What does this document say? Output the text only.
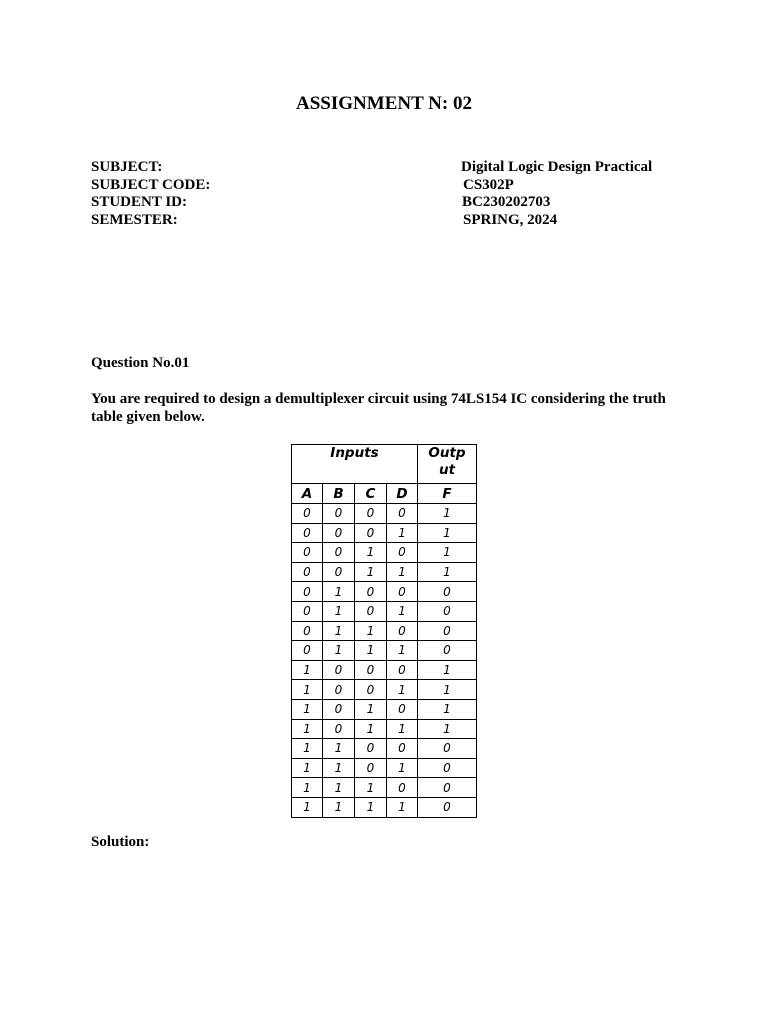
ASSIGNMENT N: 02
SUBJECT:	Digital Logic Design Practical
SUBJECT CODE:	CS302P
STUDENT ID:	BC230202703
SEMESTER:	SPRING, 2024
Question No.01
You are required to design a demultiplexer circuit using 74LS154 IC considering the truth table given below.
Inputs				Output
A	B	C	D	F
0	0	0	0	1
0	0	0	1	1
0	0	1	0	1
0	0	1	1	1
0	1	0	0	0
0	1	0	1	0
0	1	1	0	0
0	1	1	1	0
1	0	0	0	1
1	0	0	1	1
1	0	1	0	1
1	0	1	1	1
1	1	0	0	0
1	1	0	1	0
1	1	1	0	0
1	1	1	1	0
Solution:
